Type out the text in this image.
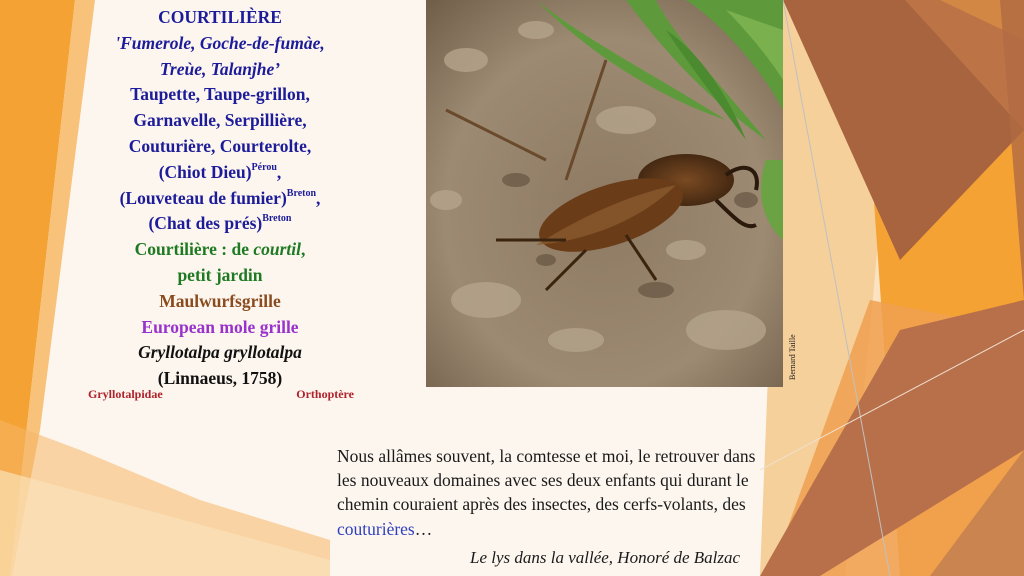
COURTILIÈRE
'Fumerole, Goche-de-fumàe,
Treùe, Talanjhe’
Taupette, Taupe-grillon,
Garnavelle, Serpillière,
Couturière, Courterolte,
(Chiot Dieu)$^{Pérou}$,
(Louveteau de fumier)$^{Breton}$,
(Chat des prés)$^{Breton}$
Courtilière : de courtil,
petit jardin
Maulwurfsgrille
European mole grille
Gryllotalpa gryllotalpa
(Linnaeus, 1758)
Gryllotalpidae	Orthoptère
Bernard Taille
Nous allâmes souvent, la comtesse et moi, le retrouver dans les nouveaux domaines avec ses deux enfants qui durant le chemin couraient après des insectes, des cerfs-volants, des couturières…
Le lys dans la vallée, Honoré de Balzac
